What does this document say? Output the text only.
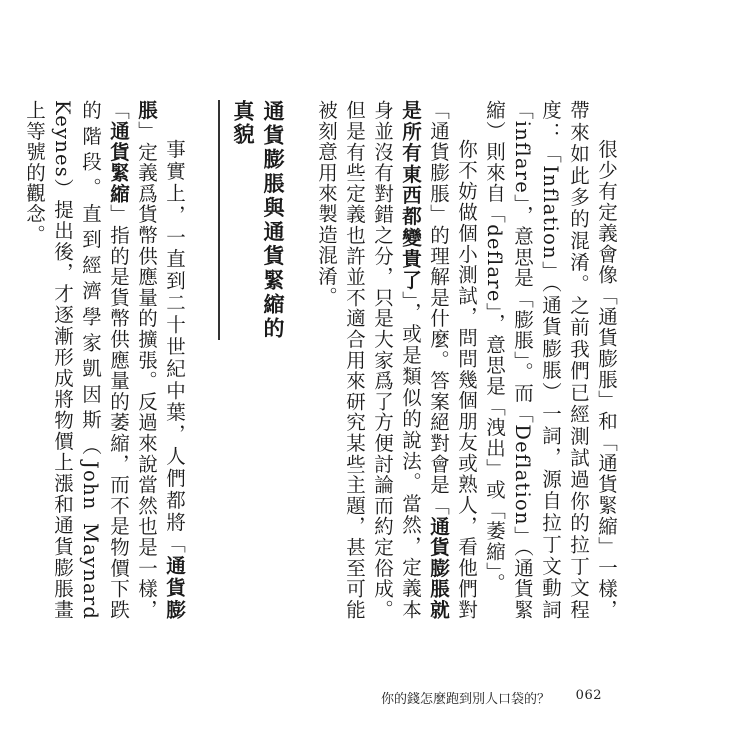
很少有定義會像「通貨膨脹」和「通貨緊縮」一樣，帶來如此多的混淆。之前我們已經測試過你的拉丁文程度：「Inflation」（通貨膨脹）一詞，源自拉丁文動詞「inflare」，意思是「膨脹」。而「Deflation」（通貨緊縮）則來自「deflare」，意思是「洩出」或「萎縮」。

你不妨做個小測試，問問幾個朋友或熟人，看他們對「通貨膨脹」的理解是什麼。答案絕對會是「通貨膨脹就是所有東西都變貴了」，或是類似的說法。當然，定義本身並沒有對錯之分，只是大家爲了方便討論而約定俗成。但是有些定義也許並不適合用來研究某些主題，甚至可能被刻意用來製造混淆。

通貨膨脹與通貨緊縮的真貌

事實上，一直到二十世紀中葉，人們都將「通貨膨脹」定義爲貨幣供應量的擴張。反過來說當然也是一樣，「通貨緊縮」指的是貨幣供應量的萎縮，而不是物價下跌的階段。直到經濟學家凱因斯（John Maynard Keynes）提出後，才逐漸形成將物價上漲和通貨膨脹畫上等號的觀念。

你的錢怎麼跑到別人口袋的？ 062
